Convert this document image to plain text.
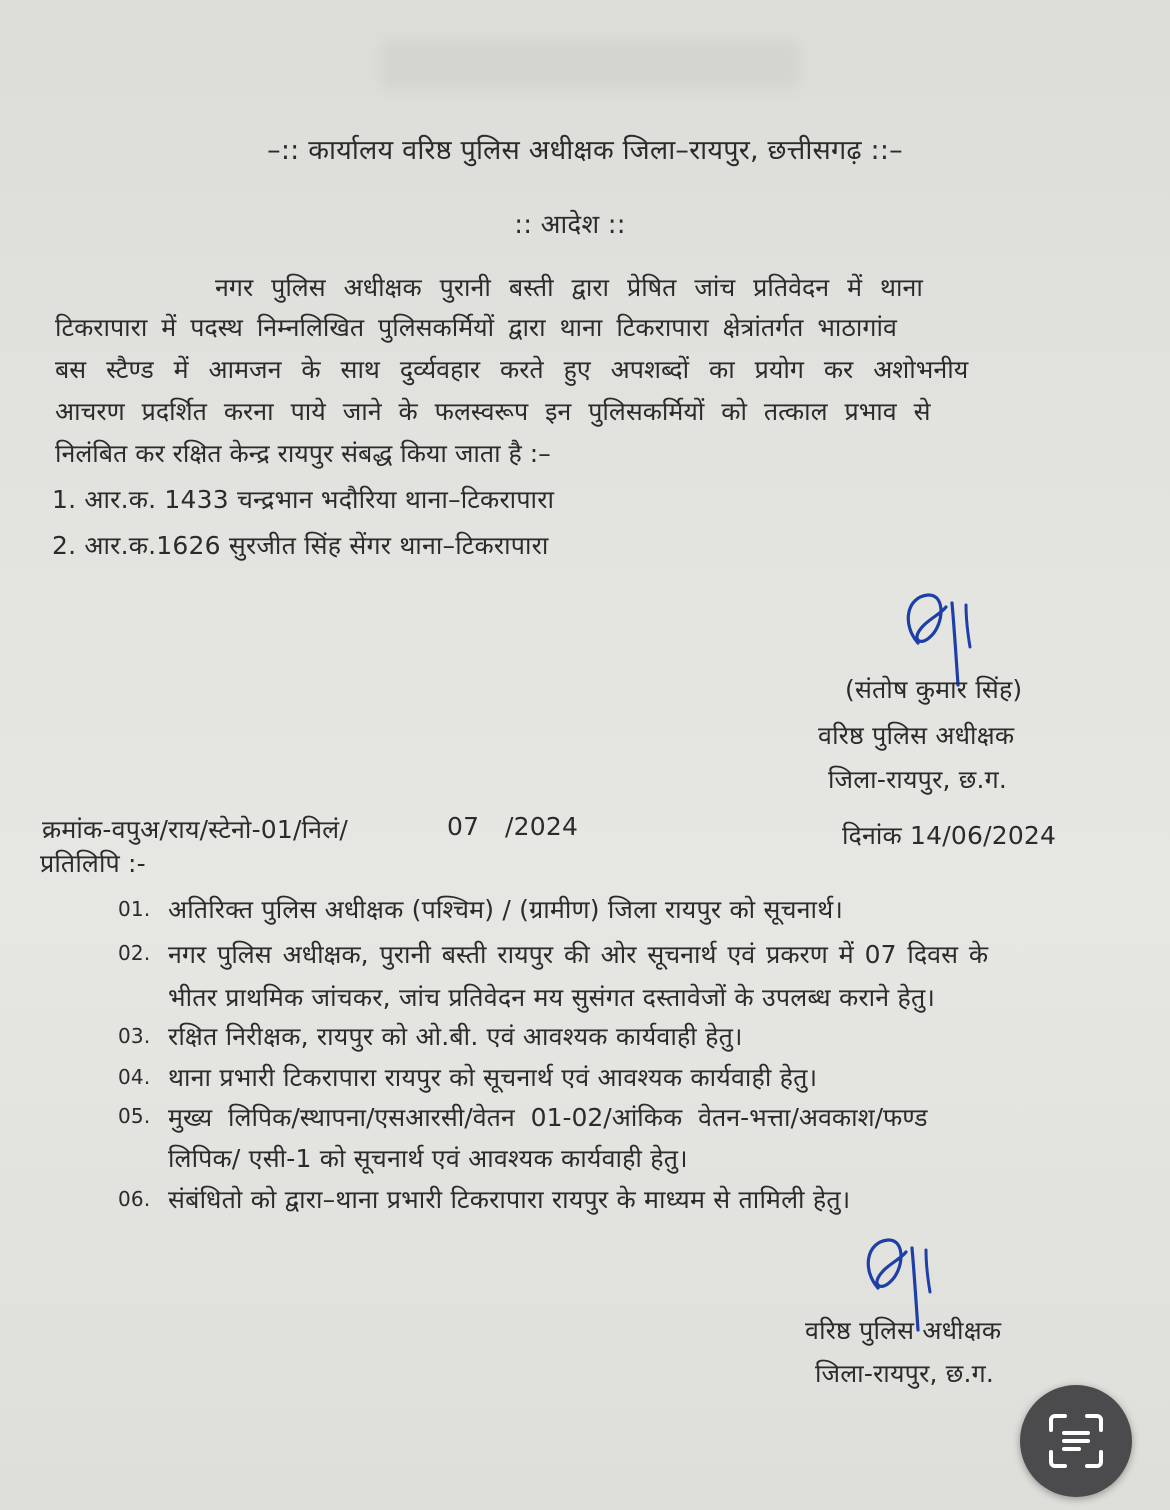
–:: कार्यालय वरिष्ठ पुलिस अधीक्षक जिला–रायपुर, छत्तीसगढ़ ::–
:: आदेश ::
नगर पुलिस अधीक्षक पुरानी बस्ती द्वारा प्रेषित जांच प्रतिवेदन में थाना
टिकरापारा में पदस्थ निम्नलिखित पुलिसकर्मियों द्वारा थाना टिकरापारा क्षेत्रांतर्गत भाठागांव
बस स्टैण्ड में आमजन के साथ दुर्व्यवहार करते हुए अपशब्दों का प्रयोग कर अशोभनीय
आचरण प्रदर्शित करना पाये जाने के फलस्वरूप इन पुलिसकर्मियों को तत्काल प्रभाव से
निलंबित कर रक्षित केन्द्र रायपुर संबद्ध किया जाता है :–
1. आर.क. 1433 चन्द्रभान भदौरिया थाना–टिकरापारा
2. आर.क.1626 सुरजीत सिंह सेंगर थाना–टिकरापारा
(संतोष कुमार सिंह)
वरिष्ठ पुलिस अधीक्षक
जिला-रायपुर, छ.ग.
क्रमांक-वपुअ/राय/स्टेनो-01/निलं/	07 /2024	दिनांक 14/06/2024
प्रतिलिपि :-
01. अतिरिक्त पुलिस अधीक्षक (पश्चिम) / (ग्रामीण) जिला रायपुर को सूचनार्थ।
02. नगर पुलिस अधीक्षक, पुरानी बस्ती रायपुर की ओर सूचनार्थ एवं प्रकरण में 07 दिवस के
भीतर प्राथमिक जांचकर, जांच प्रतिवेदन मय सुसंगत दस्तावेजों के उपलब्ध कराने हेतु।
03. रक्षित निरीक्षक, रायपुर को ओ.बी. एवं आवश्यक कार्यवाही हेतु।
04. थाना प्रभारी टिकरापारा रायपुर को सूचनार्थ एवं आवश्यक कार्यवाही हेतु।
05. मुख्य लिपिक/स्थापना/एसआरसी/वेतन 01-02/आंकिक वेतन-भत्ता/अवकाश/फण्ड
लिपिक/ एसी-1 को सूचनार्थ एवं आवश्यक कार्यवाही हेतु।
06. संबंधितो को द्वारा–थाना प्रभारी टिकरापारा रायपुर के माध्यम से तामिली हेतु।
वरिष्ठ पुलिस अधीक्षक
जिला-रायपुर, छ.ग.
